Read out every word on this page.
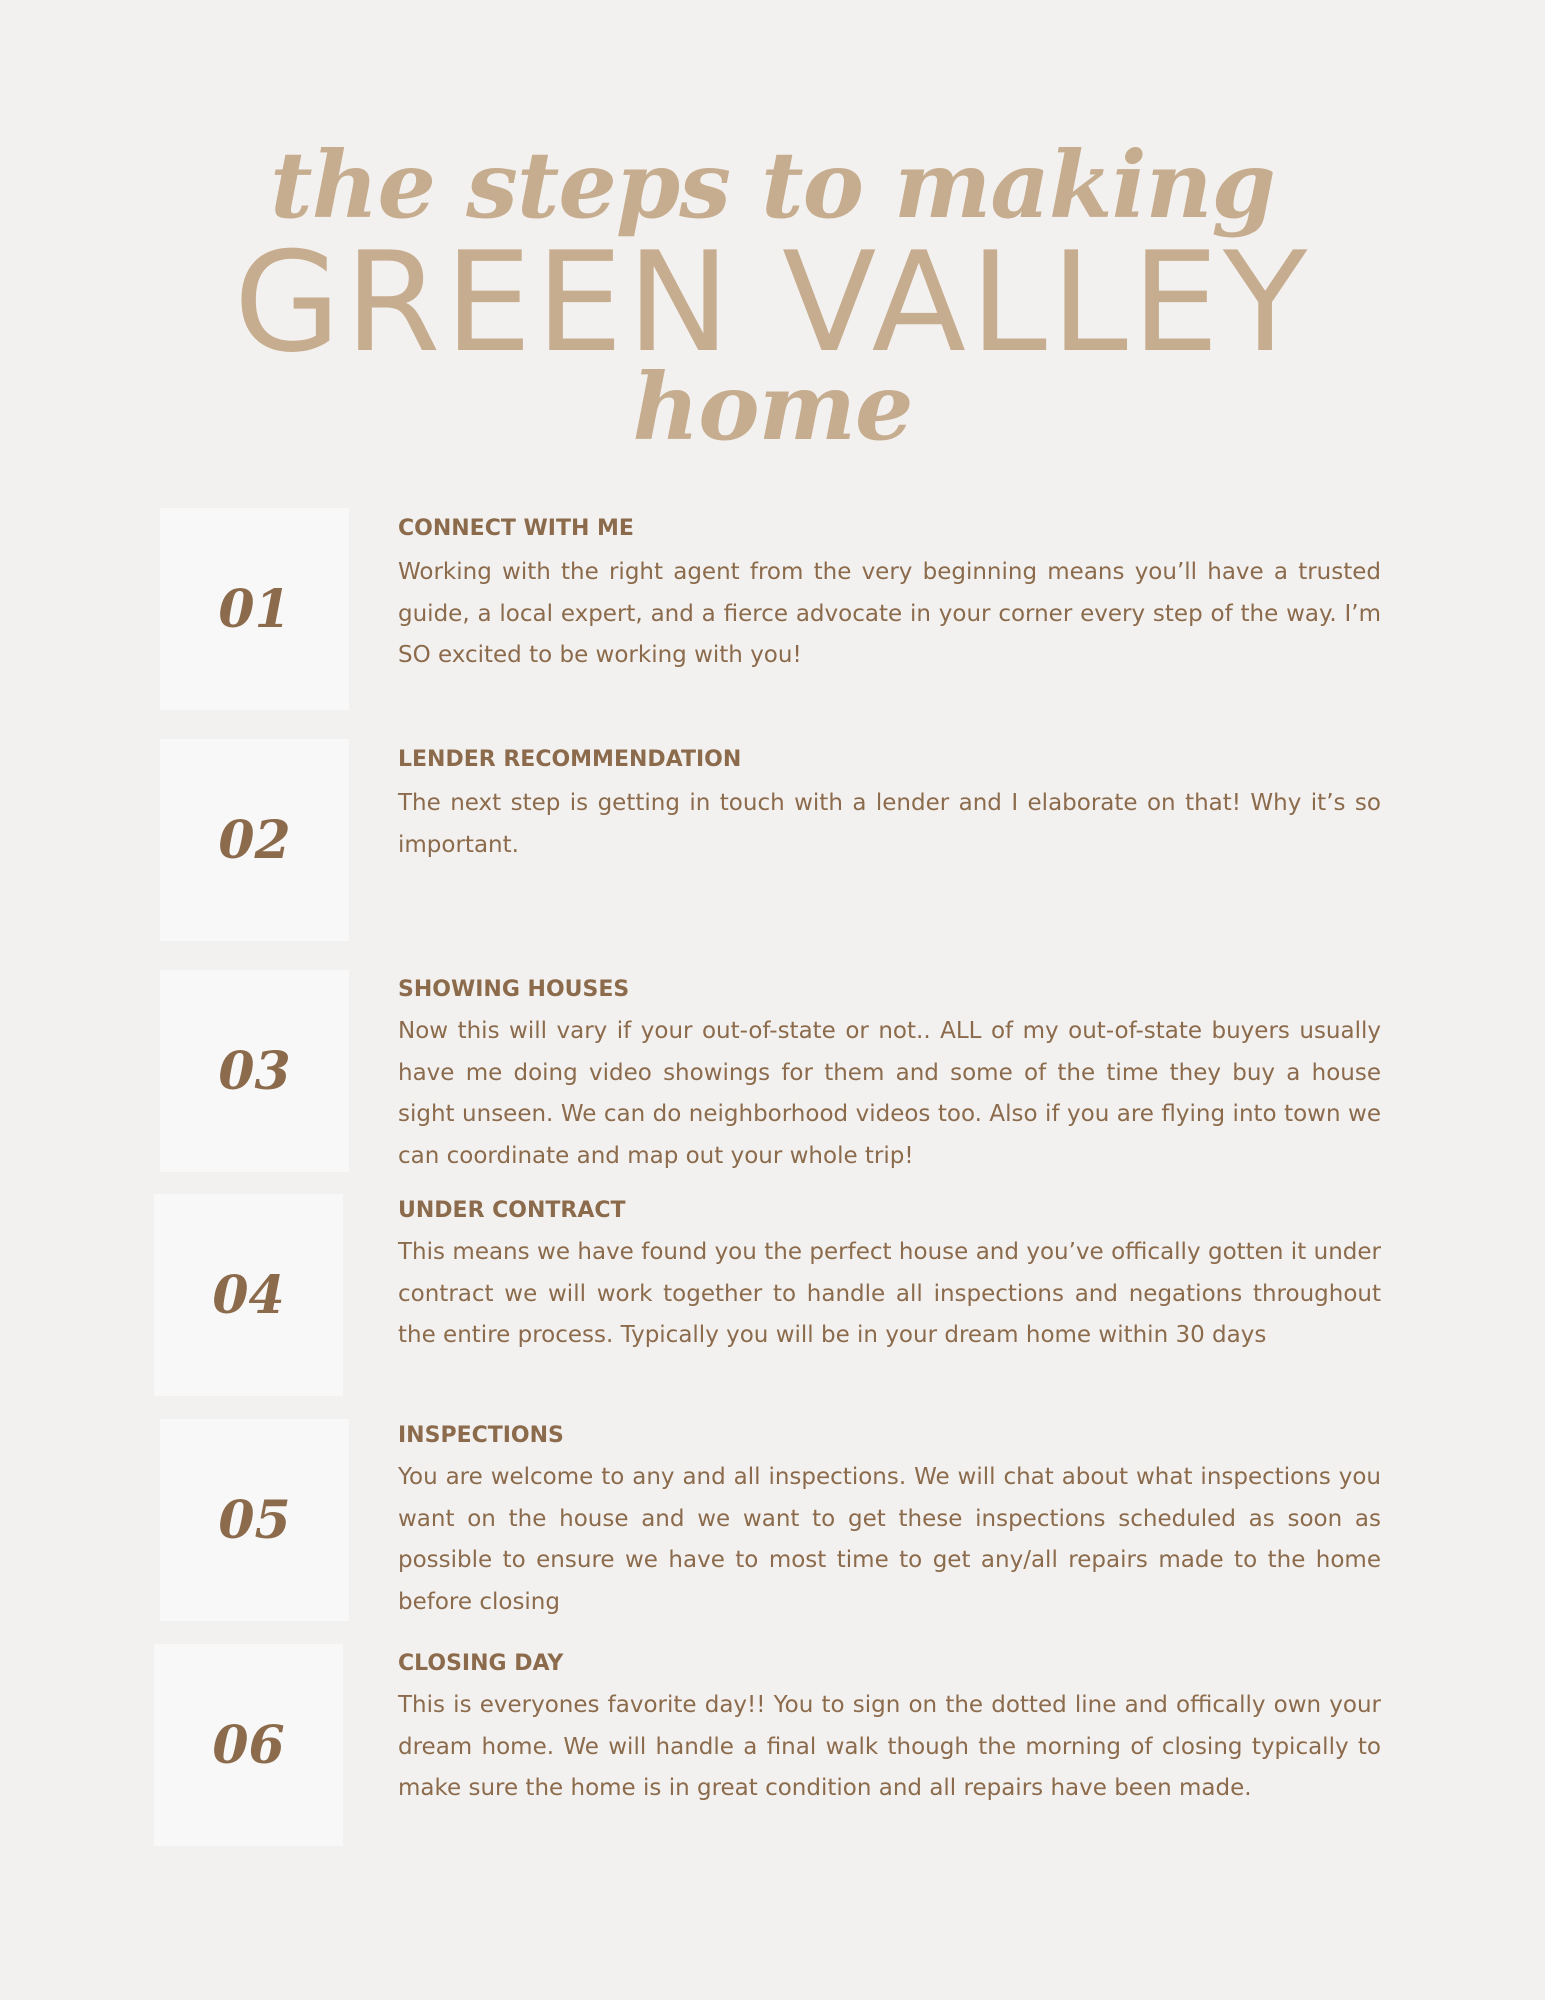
the steps to making
GREEN VALLEY
home
01
CONNECT WITH ME
Working with the right agent from the very beginning means you’ll have a trusted guide, a local expert, and a fierce advocate in your corner every step of the way. I’m SO excited to be working with you!
02
LENDER RECOMMENDATION
The next step is getting in touch with a lender and I elaborate on that! Why it’s so important.
03
SHOWING HOUSES
Now this will vary if your out-of-state or not.. ALL of my out-of-state buyers usually have me doing video showings for them and some of the time they buy a house sight unseen. We can do neighborhood videos too. Also if you are flying into town we can coordinate and map out your whole trip!
04
UNDER CONTRACT
This means we have found you the perfect house and you’ve offically gotten it under contract we will work together to handle all inspections and negations throughout the entire process. Typically you will be in your dream home within 30 days
05
INSPECTIONS
You are welcome to any and all inspections. We will chat about what inspections you want on the house and we want to get these inspections scheduled as soon as possible to ensure we have to most time to get any/all repairs made to the home before closing
06
CLOSING DAY
This is everyones favorite day!! You to sign on the dotted line and offically own your dream home. We will handle a final walk though the morning of closing typically to make sure the home is in great condition and all repairs have been made.
